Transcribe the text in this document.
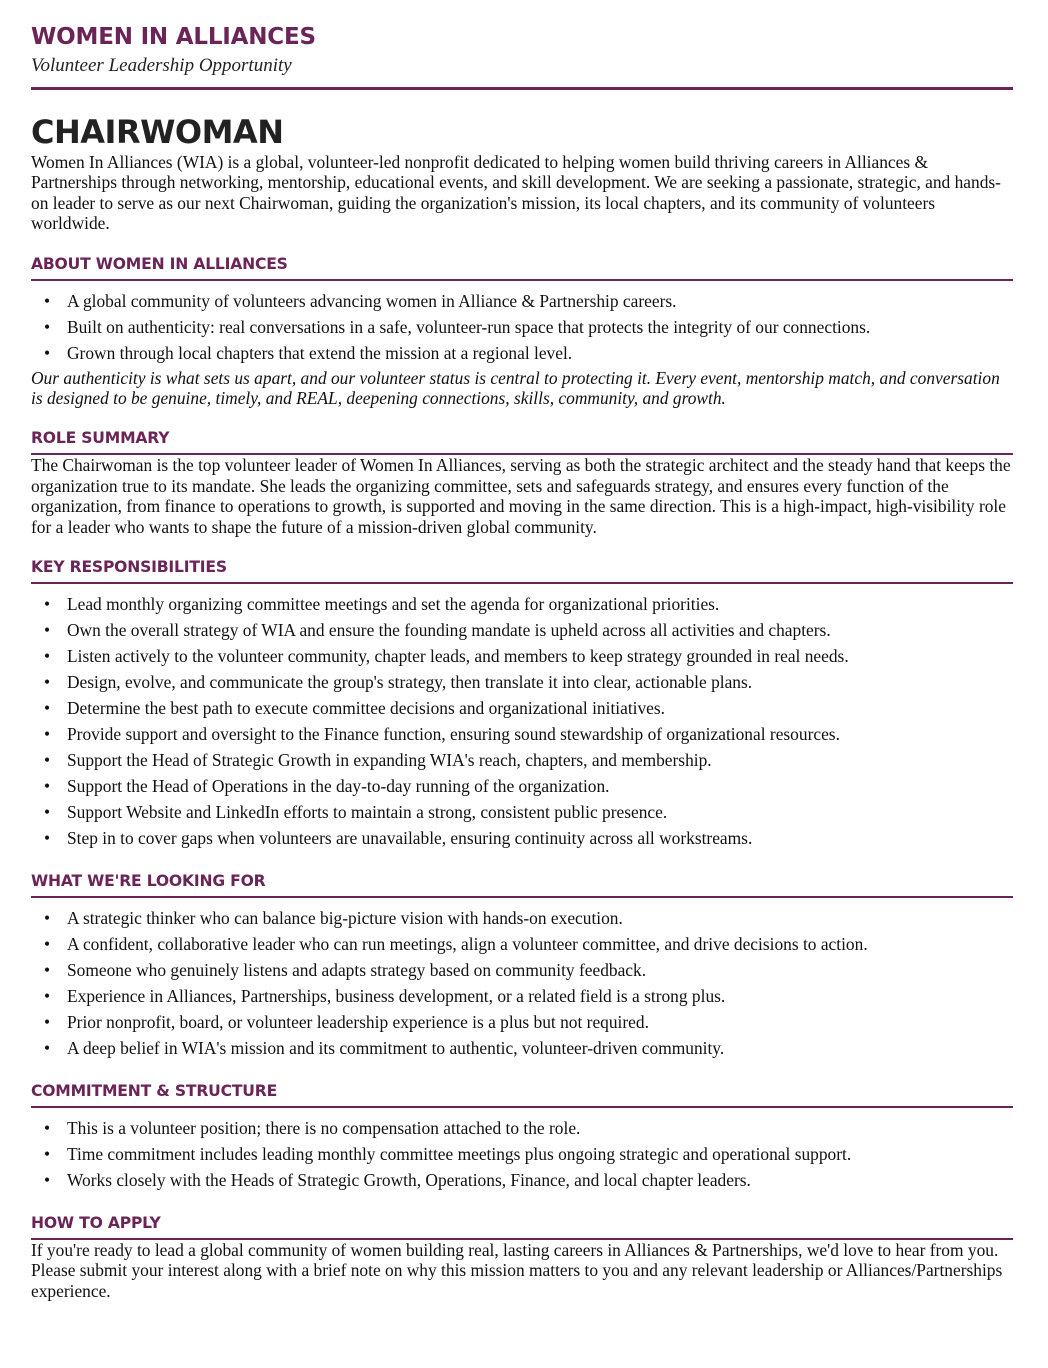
WOMEN IN ALLIANCES
Volunteer Leadership Opportunity
CHAIRWOMAN

Women In Alliances (WIA) is a global, volunteer-led nonprofit dedicated to helping women build thriving careers in Alliances & Partnerships through networking, mentorship, educational events, and skill development. We are seeking a passionate, strategic, and hands-on leader to serve as our next Chairwoman, guiding the organization's mission, its local chapters, and its community of volunteers worldwide.

ABOUT WOMEN IN ALLIANCES
• A global community of volunteers advancing women in Alliance & Partnership careers.
• Built on authenticity: real conversations in a safe, volunteer-run space that protects the integrity of our connections.
• Grown through local chapters that extend the mission at a regional level.

Our authenticity is what sets us apart, and our volunteer status is central to protecting it. Every event, mentorship match, and conversation is designed to be genuine, timely, and REAL, deepening connections, skills, community, and growth.

ROLE SUMMARY

The Chairwoman is the top volunteer leader of Women In Alliances, serving as both the strategic architect and the steady hand that keeps the organization true to its mandate. She leads the organizing committee, sets and safeguards strategy, and ensures every function of the organization, from finance to operations to growth, is supported and moving in the same direction. This is a high-impact, high-visibility role for a leader who wants to shape the future of a mission-driven global community.

KEY RESPONSIBILITIES
• Lead monthly organizing committee meetings and set the agenda for organizational priorities.
• Own the overall strategy of WIA and ensure the founding mandate is upheld across all activities and chapters.
• Listen actively to the volunteer community, chapter leads, and members to keep strategy grounded in real needs.
• Design, evolve, and communicate the group's strategy, then translate it into clear, actionable plans.
• Determine the best path to execute committee decisions and organizational initiatives.
• Provide support and oversight to the Finance function, ensuring sound stewardship of organizational resources.
• Support the Head of Strategic Growth in expanding WIA's reach, chapters, and membership.
• Support the Head of Operations in the day-to-day running of the organization.
• Support Website and LinkedIn efforts to maintain a strong, consistent public presence.
• Step in to cover gaps when volunteers are unavailable, ensuring continuity across all workstreams.
WHAT WE'RE LOOKING FOR
• A strategic thinker who can balance big-picture vision with hands-on execution.
• A confident, collaborative leader who can run meetings, align a volunteer committee, and drive decisions to action.
• Someone who genuinely listens and adapts strategy based on community feedback.
• Experience in Alliances, Partnerships, business development, or a related field is a strong plus.
• Prior nonprofit, board, or volunteer leadership experience is a plus but not required.
• A deep belief in WIA's mission and its commitment to authentic, volunteer-driven community.
COMMITMENT & STRUCTURE
• This is a volunteer position; there is no compensation attached to the role.
• Time commitment includes leading monthly committee meetings plus ongoing strategic and operational support.
• Works closely with the Heads of Strategic Growth, Operations, Finance, and local chapter leaders.
HOW TO APPLY

If you're ready to lead a global community of women building real, lasting careers in Alliances & Partnerships, we'd love to hear from you. Please submit your interest along with a brief note on why this mission matters to you and any relevant leadership or Alliances/Partnerships experience.
